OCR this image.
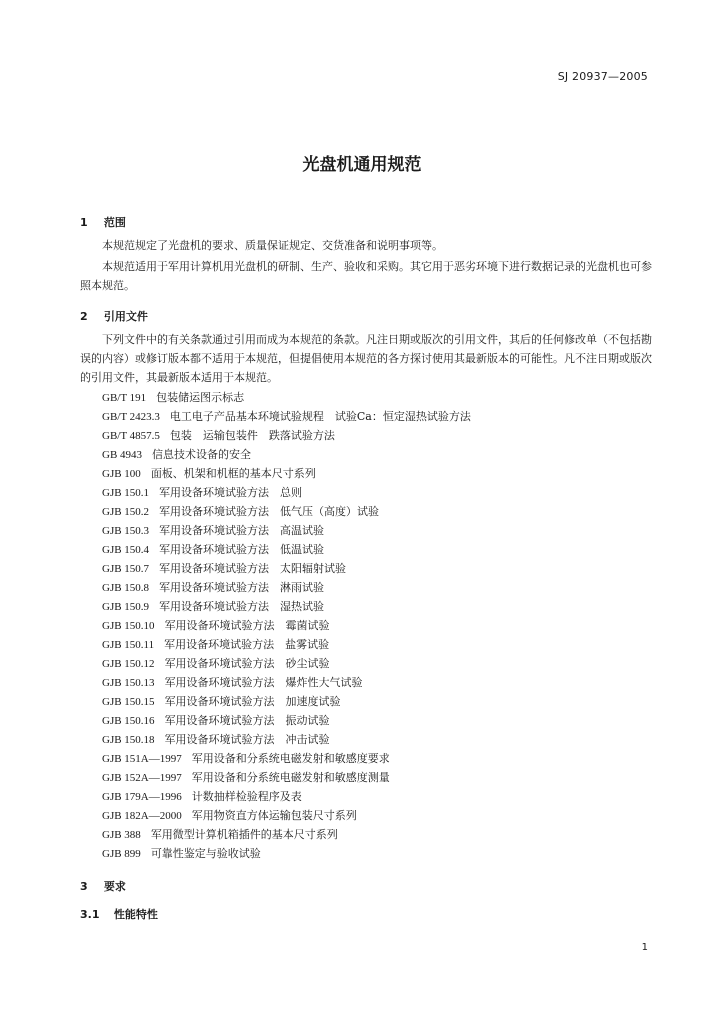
SJ 20937—2005
光盘机通用规范
1 范围
本规范规定了光盘机的要求、质量保证规定、交货准备和说明事项等。
本规范适用于军用计算机用光盘机的研制、生产、验收和采购。其它用于恶劣环境下进行数据记录的光盘机也可参照本规范。
2 引用文件
下列文件中的有关条款通过引用而成为本规范的条款。凡注日期或版次的引用文件，其后的任何修改单（不包括勘误的内容）或修订版本都不适用于本规范，但提倡使用本规范的各方探讨使用其最新版本的可能性。凡不注日期或版次的引用文件，其最新版本适用于本规范。
GB/T 191 包装储运图示标志
GB/T 2423.3 电工电子产品基本环境试验规程　试验Ca：恒定湿热试验方法
GB/T 4857.5 包装　运输包装件　跌落试验方法
GB 4943 信息技术设备的安全
GJB 100 面板、机架和机框的基本尺寸系列
GJB 150.1 军用设备环境试验方法　总则
GJB 150.2 军用设备环境试验方法　低气压（高度）试验
GJB 150.3 军用设备环境试验方法　高温试验
GJB 150.4 军用设备环境试验方法　低温试验
GJB 150.7 军用设备环境试验方法　太阳辐射试验
GJB 150.8 军用设备环境试验方法　淋雨试验
GJB 150.9 军用设备环境试验方法　湿热试验
GJB 150.10 军用设备环境试验方法　霉菌试验
GJB 150.11 军用设备环境试验方法　盐雾试验
GJB 150.12 军用设备环境试验方法　砂尘试验
GJB 150.13 军用设备环境试验方法　爆炸性大气试验
GJB 150.15 军用设备环境试验方法　加速度试验
GJB 150.16 军用设备环境试验方法　振动试验
GJB 150.18 军用设备环境试验方法　冲击试验
GJB 151A—1997 军用设备和分系统电磁发射和敏感度要求
GJB 152A—1997 军用设备和分系统电磁发射和敏感度测量
GJB 179A—1996 计数抽样检验程序及表
GJB 182A—2000 军用物资直方体运输包装尺寸系列
GJB 388 军用微型计算机箱插件的基本尺寸系列
GJB 899 可靠性鉴定与验收试验
3 要求
3.1 性能特性
1
